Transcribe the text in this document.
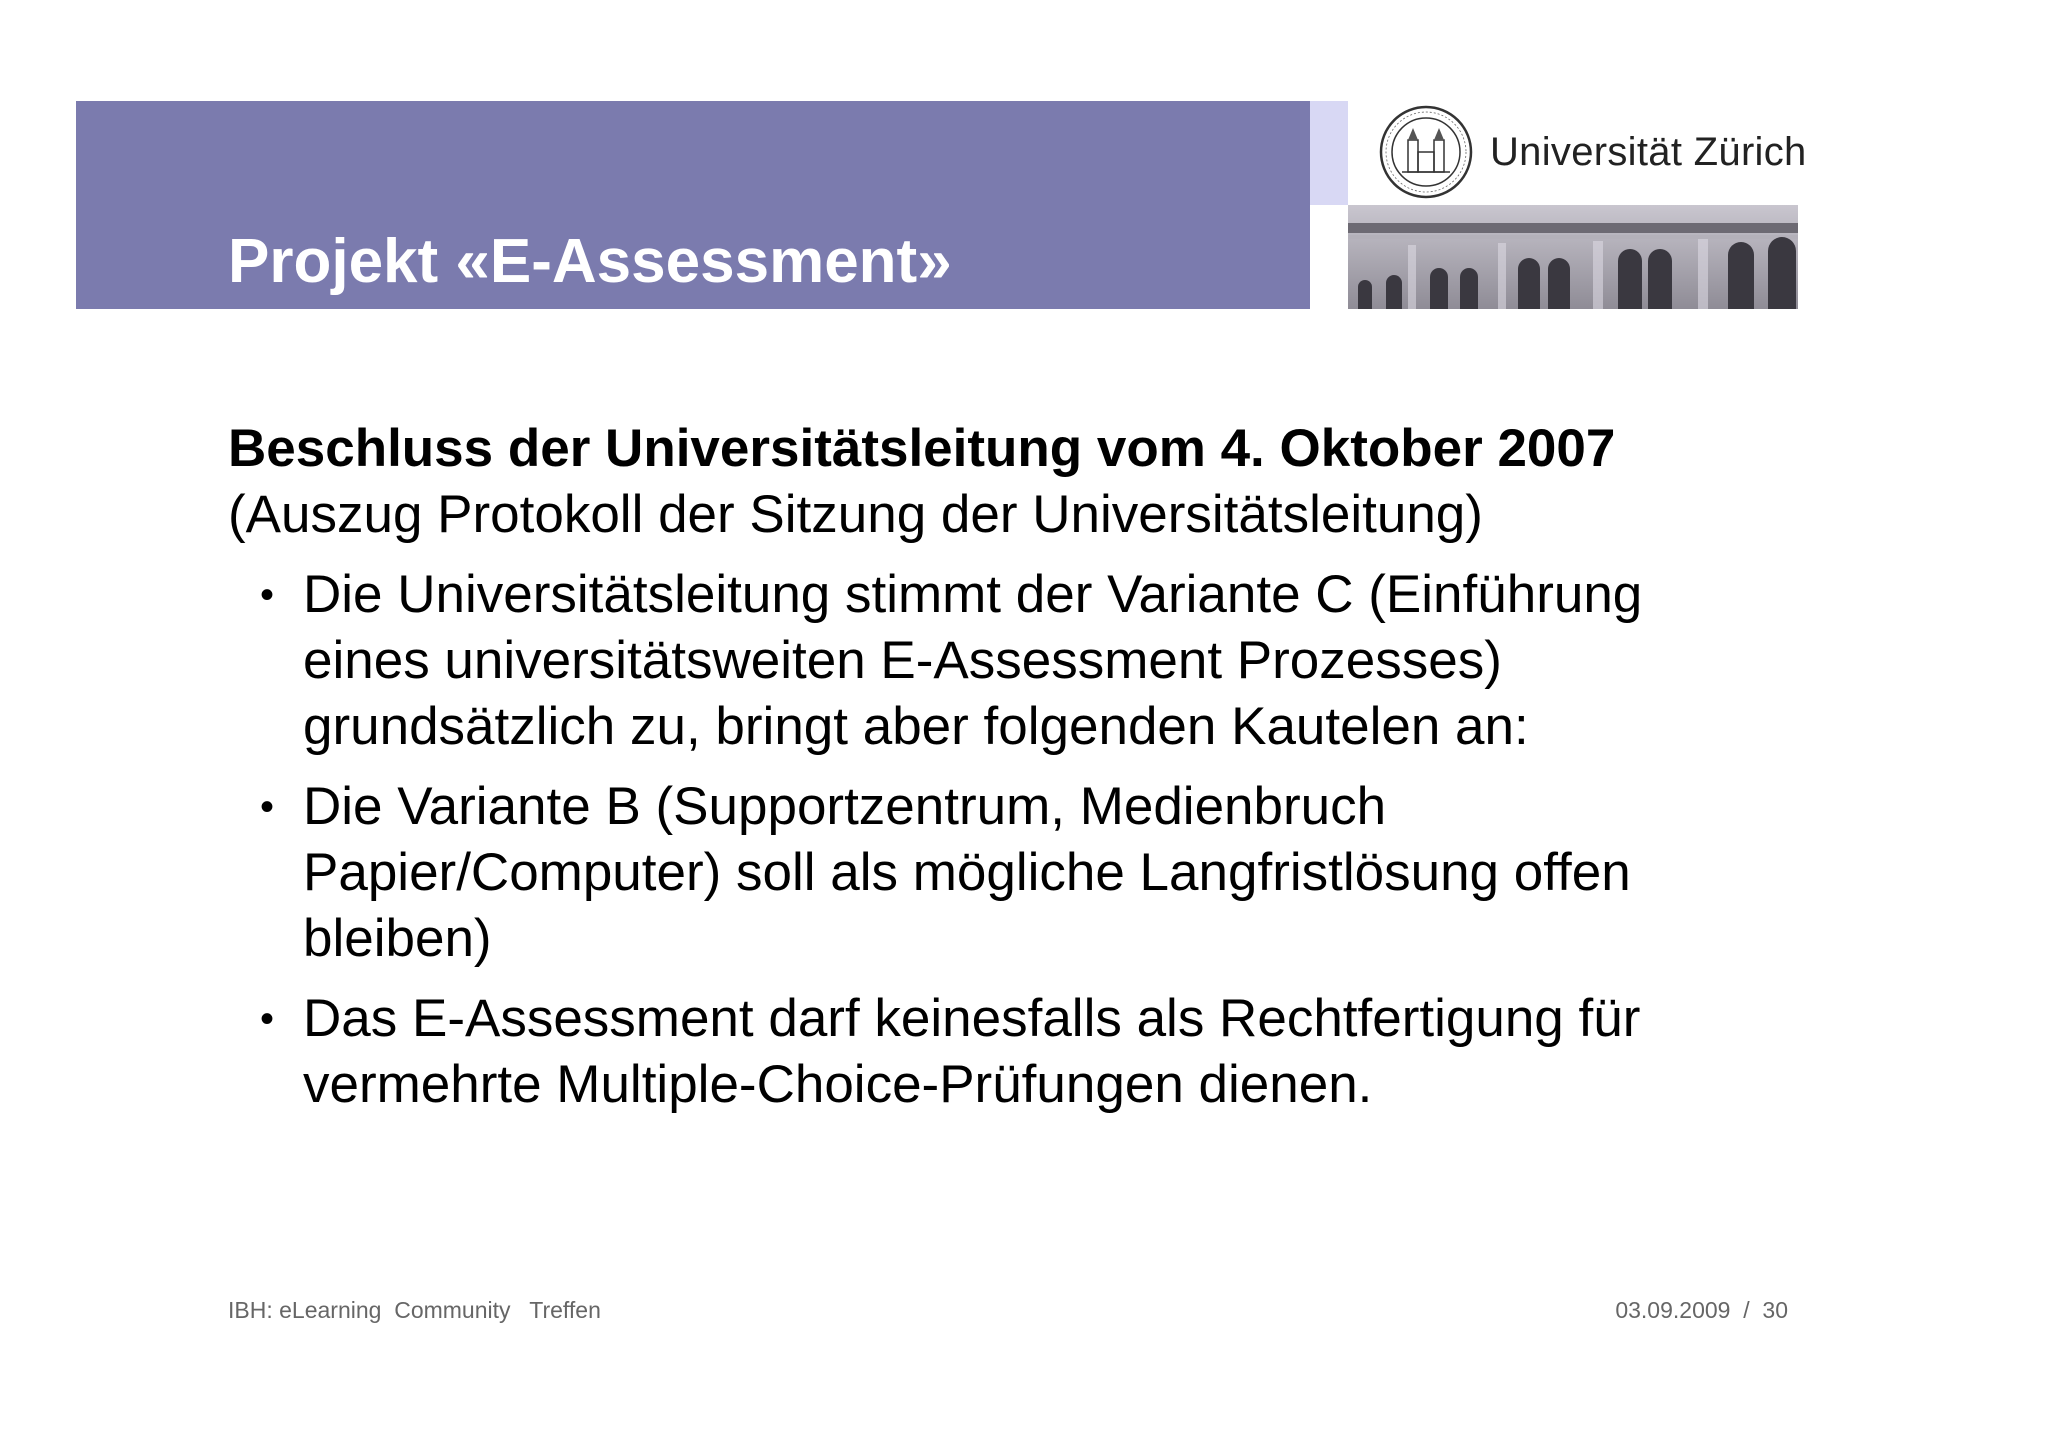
Projekt «E-Assessment»
Universität Zürich
Beschluss der Universitätsleitung vom 4. Oktober 2007
(Auszug Protokoll der Sitzung der Universitätsleitung)
• Die Universitätsleitung stimmt der Variante C (Einführung eines universitätsweiten E-Assessment Prozesses) grundsätzlich zu, bringt aber folgenden Kautelen an:
• Die Variante B (Supportzentrum, Medienbruch Papier/Computer) soll als mögliche Langfristlösung offen bleiben)
• Das E-Assessment darf keinesfalls als Rechtfertigung für vermehrte Multiple-Choice-Prüfungen dienen.
IBH: eLearning  Community   Treffen	03.09.2009 / 30
